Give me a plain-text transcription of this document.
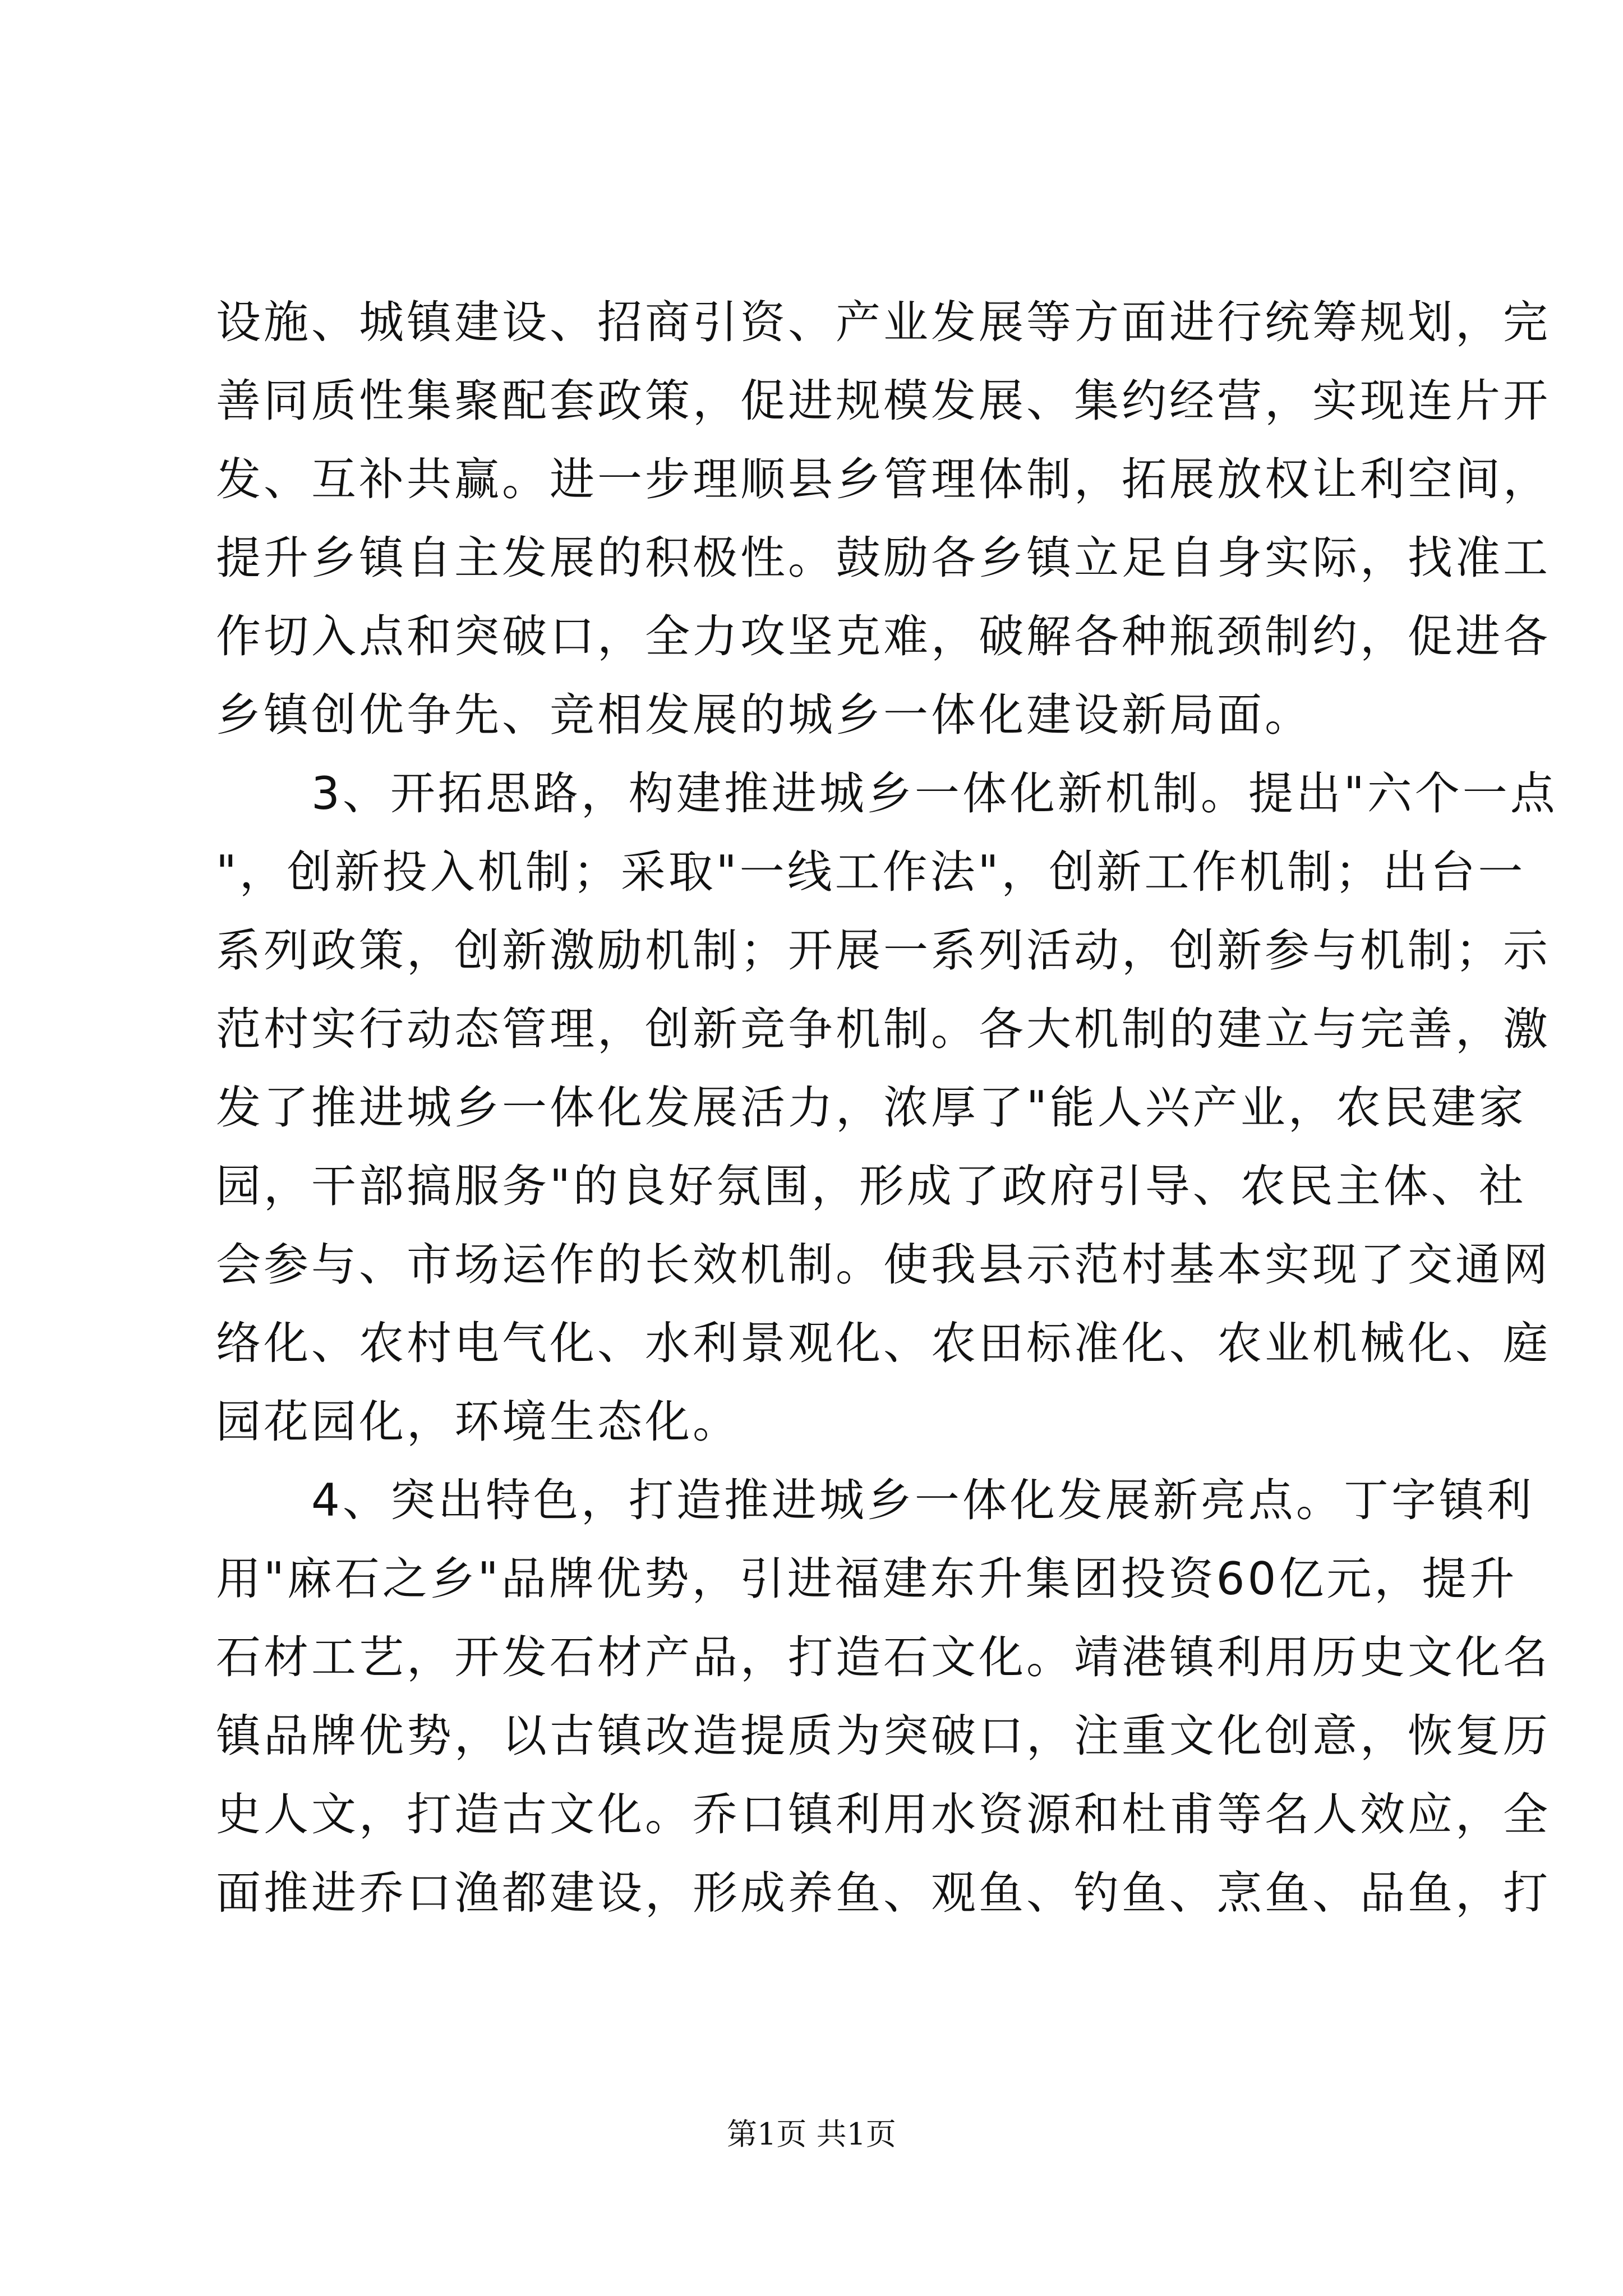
设施、城镇建设、招商引资、产业发展等方面进行统筹规划，完
善同质性集聚配套政策，促进规模发展、集约经营，实现连片开
发、互补共赢。进一步理顺县乡管理体制，拓展放权让利空间，
提升乡镇自主发展的积极性。鼓励各乡镇立足自身实际，找准工
作切入点和突破口，全力攻坚克难，破解各种瓶颈制约，促进各
乡镇创优争先、竞相发展的城乡一体化建设新局面。
　　3、开拓思路，构建推进城乡一体化新机制。提出"六个一点
"，创新投入机制；采取"一线工作法"，创新工作机制；出台一
系列政策，创新激励机制；开展一系列活动，创新参与机制；示
范村实行动态管理，创新竞争机制。各大机制的建立与完善，激
发了推进城乡一体化发展活力，浓厚了"能人兴产业，农民建家
园，干部搞服务"的良好氛围，形成了政府引导、农民主体、社
会参与、市场运作的长效机制。使我县示范村基本实现了交通网
络化、农村电气化、水利景观化、农田标准化、农业机械化、庭
园花园化，环境生态化。
　　4、突出特色，打造推进城乡一体化发展新亮点。丁字镇利
用"麻石之乡"品牌优势，引进福建东升集团投资60亿元，提升
石材工艺，开发石材产品，打造石文化。靖港镇利用历史文化名
镇品牌优势，以古镇改造提质为突破口，注重文化创意，恢复历
史人文，打造古文化。乔口镇利用水资源和杜甫等名人效应，全
面推进乔口渔都建设，形成养鱼、观鱼、钓鱼、烹鱼、品鱼，打
第1页 共1页
